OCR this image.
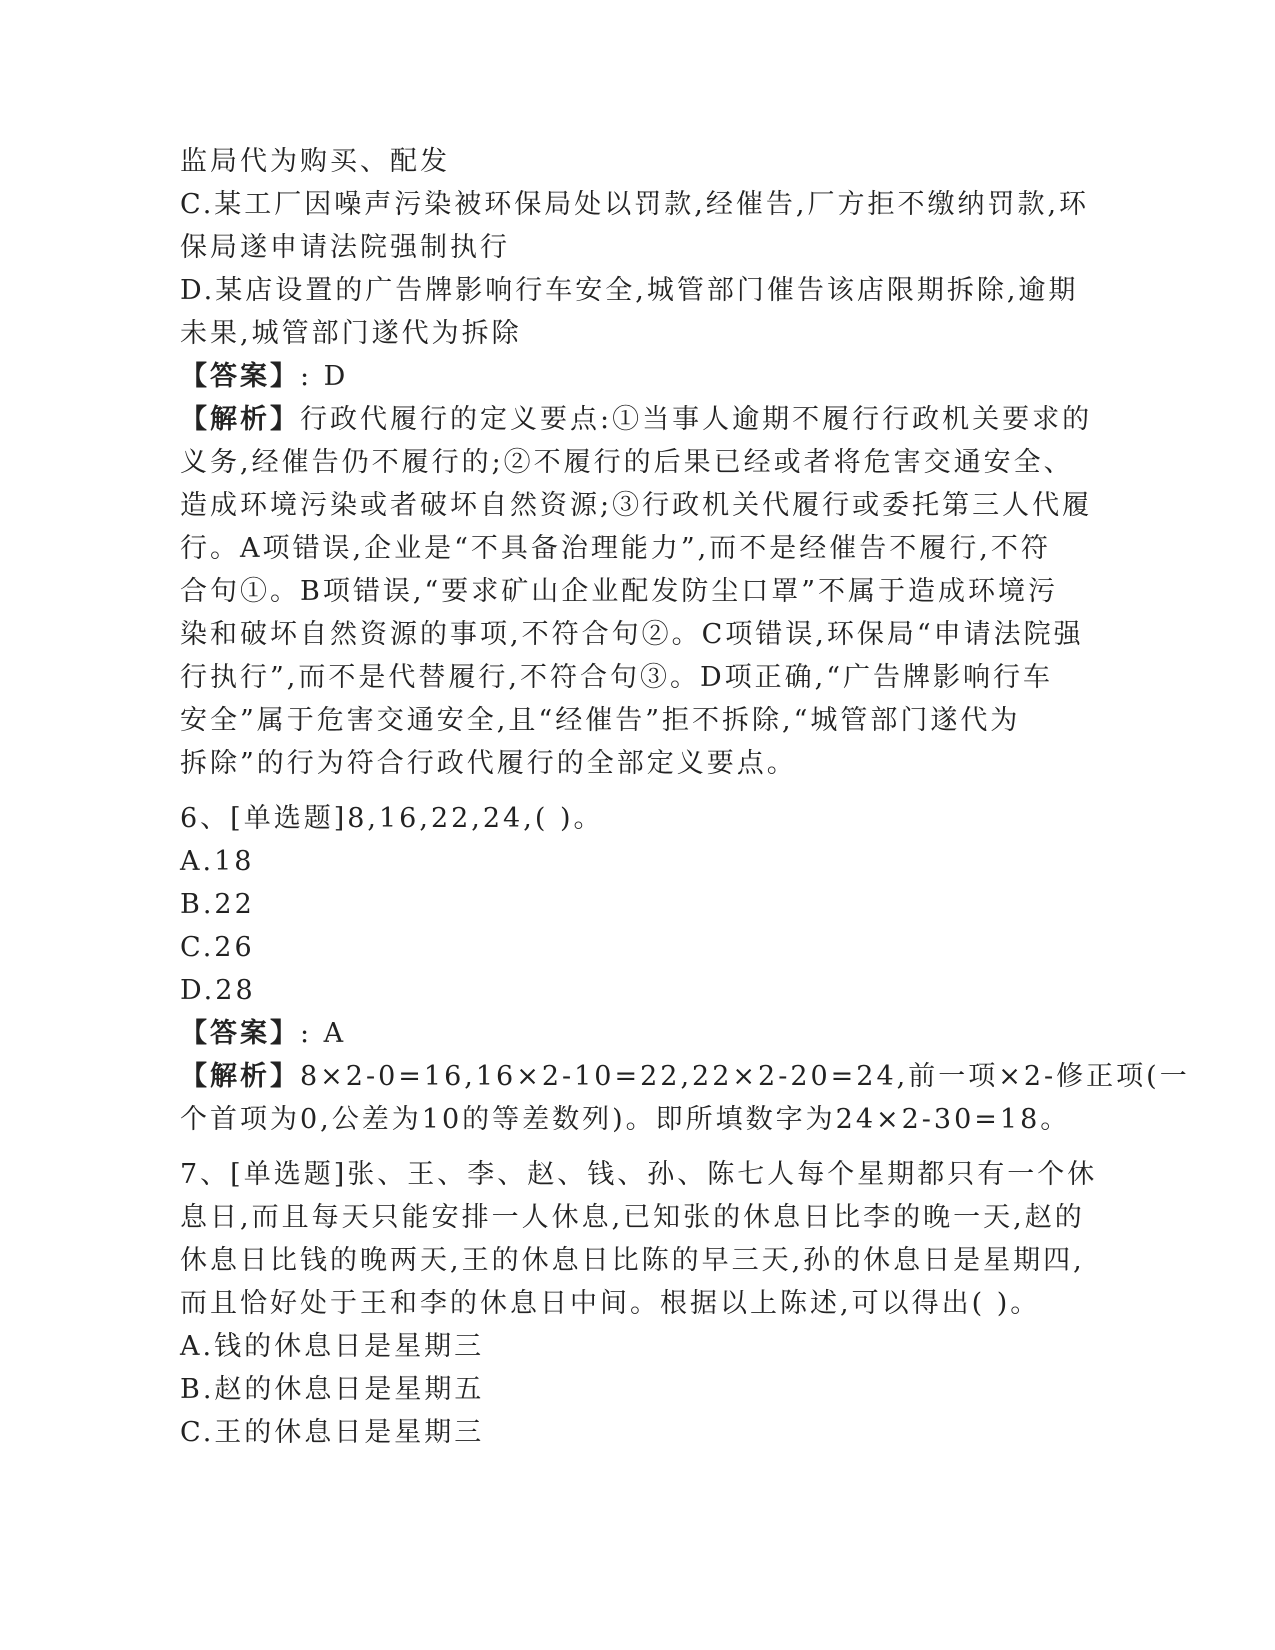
监局代为购买、配发
C.某工厂因噪声污染被环保局处以罚款,经催告,厂方拒不缴纳罚款,环
保局遂申请法院强制执行
D.某店设置的广告牌影响行车安全,城管部门催告该店限期拆除,逾期
未果,城管部门遂代为拆除
【答案】: D
【解析】行政代履行的定义要点:①当事人逾期不履行行政机关要求的
义务,经催告仍不履行的;②不履行的后果已经或者将危害交通安全、
造成环境污染或者破坏自然资源;③行政机关代履行或委托第三人代履
行。A项错误,企业是“不具备治理能力”,而不是经催告不履行,不符
合句①。B项错误,“要求矿山企业配发防尘口罩”不属于造成环境污
染和破坏自然资源的事项,不符合句②。C项错误,环保局“申请法院强
行执行”,而不是代替履行,不符合句③。D项正确,“广告牌影响行车
安全”属于危害交通安全,且“经催告”拒不拆除,“城管部门遂代为
拆除”的行为符合行政代履行的全部定义要点。
6、[单选题]8,16,22,24,( )。
A.18
B.22
C.26
D.28
【答案】: A
【解析】8×2-0=16,16×2-10=22,22×2-20=24,前一项×2-修正项(一
个首项为0,公差为10的等差数列)。即所填数字为24×2-30=18。
7、[单选题]张、王、李、赵、钱、孙、陈七人每个星期都只有一个休
息日,而且每天只能安排一人休息,已知张的休息日比李的晚一天,赵的
休息日比钱的晚两天,王的休息日比陈的早三天,孙的休息日是星期四,
而且恰好处于王和李的休息日中间。根据以上陈述,可以得出( )。
A.钱的休息日是星期三
B.赵的休息日是星期五
C.王的休息日是星期三
